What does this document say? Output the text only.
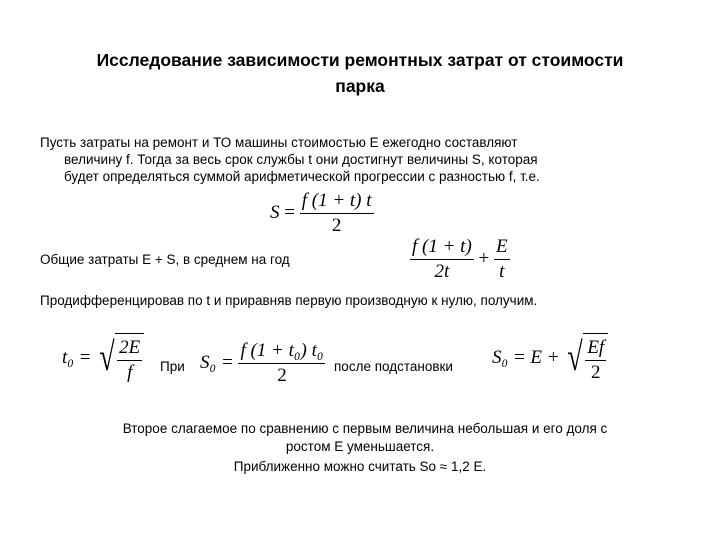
Исследование зависимости ремонтных затрат от стоимости
парка
Пусть затраты на ремонт и ТО машины стоимостью E ежегодно составляют
величину f. Тогда за весь срок службы t они достигнут величины S, которая
будет определяться суммой арифметической прогрессии с разностью f, т.е.
$S = \frac{f (1 + t) t}{2}$
Общие затраты E + S, в среднем на год	$\frac{f (1 + t)}{2t} + \frac{E}{t}$
Продифференцировав по t и приравняв первую производную к нулю, получим.
t₀ = √ $\frac{2E}{f}$ При $S_0 = \frac{\text{f (1 + t₀) t₀}}{2}$ после подстановки S₀ = E + √ $\frac{Ef}{2}$
Второе слагаемое по сравнению с первым величина небольшая и его доля с
ростом E уменьшается.
Приближенно можно считать So ≈ 1,2 E.
